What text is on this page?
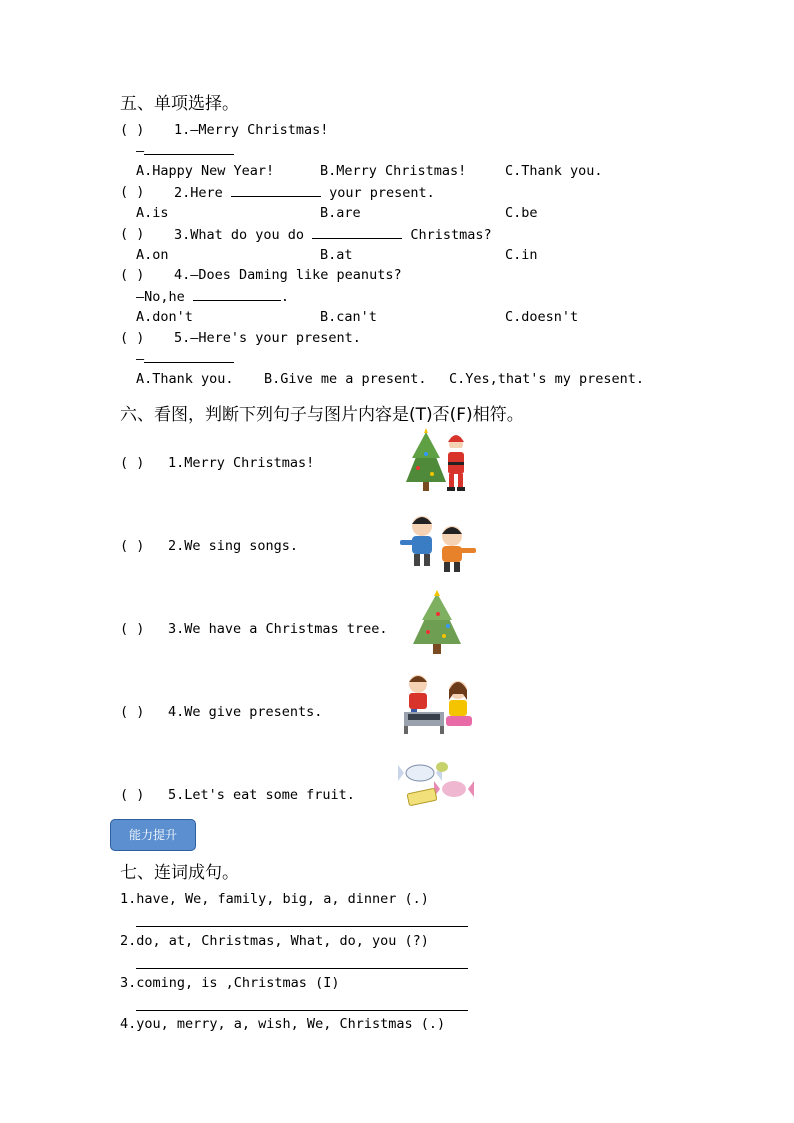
五、单项选择。
( ) 1.—Merry Christmas!
—
A.Happy New Year!	B.Merry Christmas!	C.Thank you.
( ) 2.Here	your present.
A.is	B.are	C.be
( ) 3.What do you do	Christmas?
A.on	B.at	C.in
( ) 4.—Does Daming like peanuts?
—No,he	.
A.don't	B.can't	C.doesn't
( ) 5.—Here's your present.
—
A.Thank you. B.Give me a present. C.Yes,that's my present.
六、看图，判断下列句子与图片内容是(T)否(F)相符。
( ) 1.Merry Christmas!
( ) 2.We sing songs.
( ) 3.We have a Christmas tree.
( ) 4.We give presents.
( ) 5.Let's eat some fruit.
能力提升
七、连词成句。
1.have, We, family, big, a, dinner (.)
2.do, at, Christmas, What, do, you (?)
3.coming, is ,Christmas (I)
4.you, merry, a, wish, We, Christmas (.)
